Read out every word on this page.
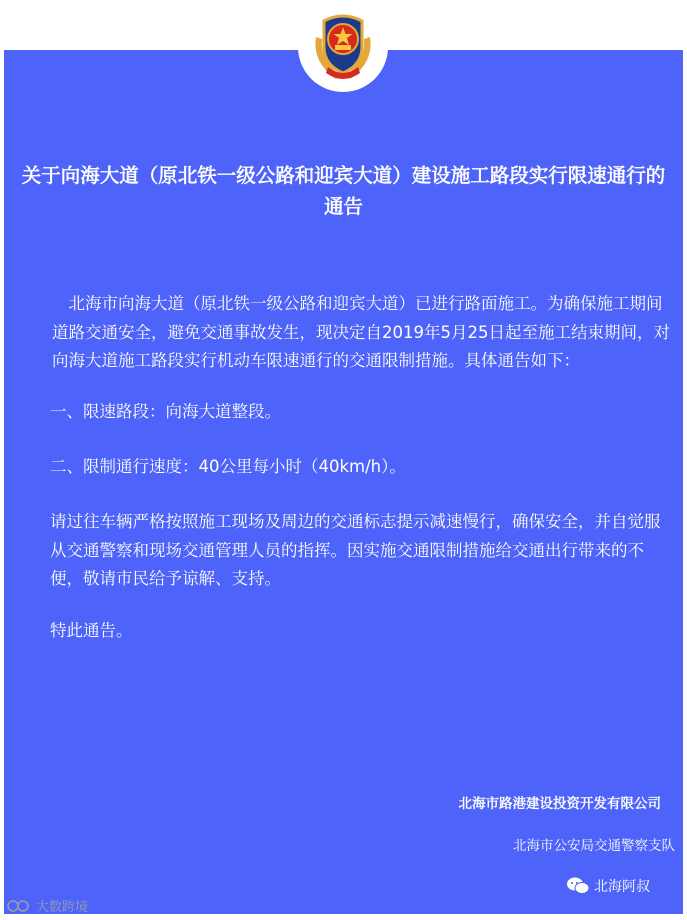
关于向海大道（原北铁一级公路和迎宾大道）建设施工路段实行限速通行的通告

　北海市向海大道（原北铁一级公路和迎宾大道）已进行路面施工。为确保施工期间道路交通安全，避免交通事故发生，现决定自2019年5月25日起至施工结束期间，对向海大道施工路段实行机动车限速通行的交通限制措施。具体通告如下：

一、限速路段：向海大道整段。

二、限制通行速度：40公里每小时（40km/h）。

请过往车辆严格按照施工现场及周边的交通标志提示减速慢行，确保安全，并自觉服从交通警察和现场交通管理人员的指挥。因实施交通限制措施给交通出行带来的不便，敬请市民给予谅解、支持。

特此通告。

北海市路港建设投资开发有限公司

北海市公安局交通警察支队

大数跨境
北海阿叔
